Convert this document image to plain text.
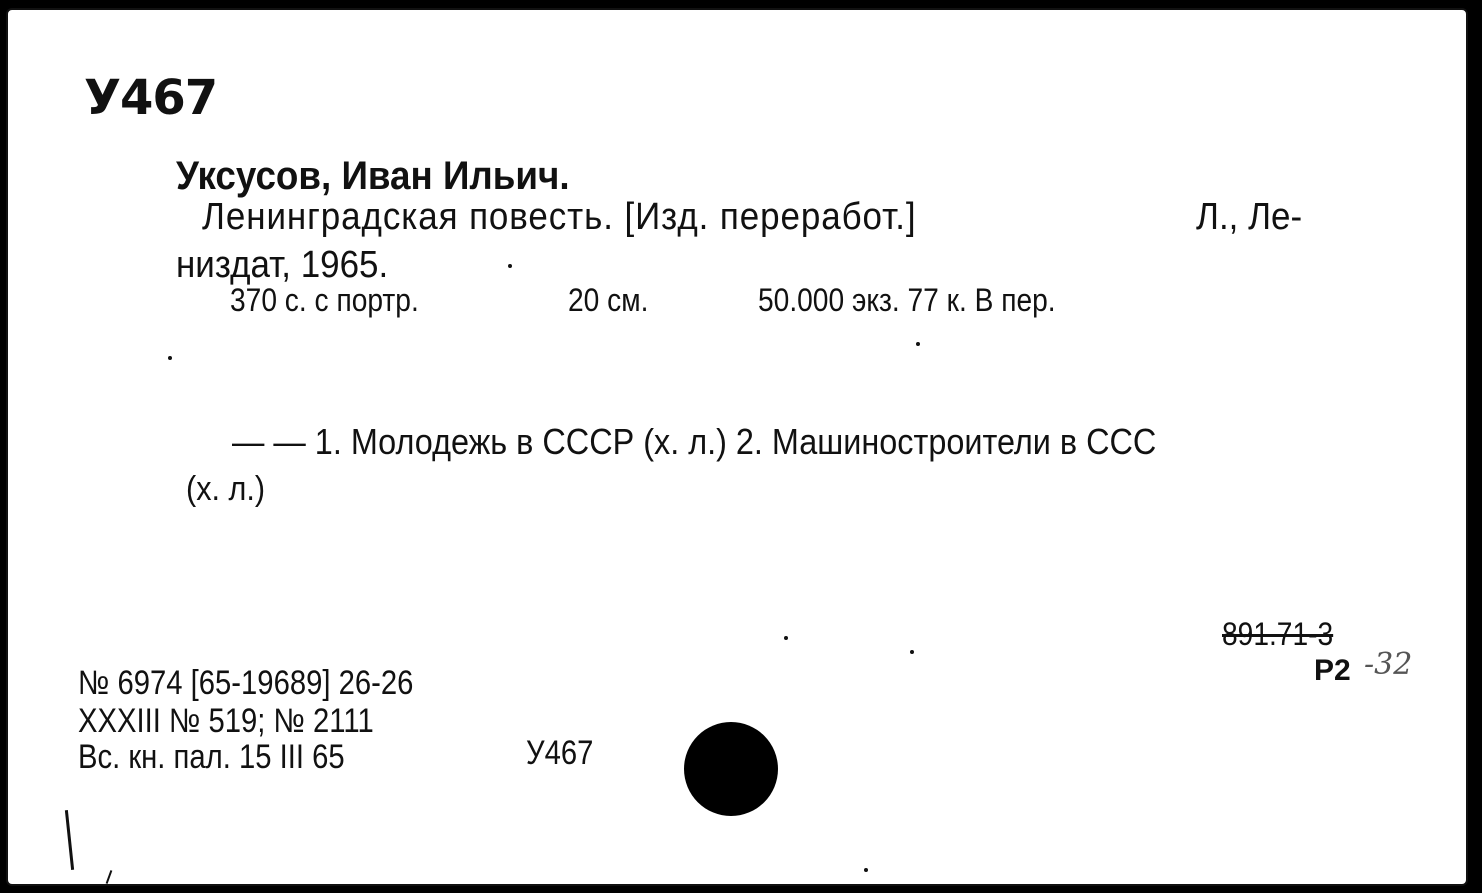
У467
Уксусов, Иван Ильич.
Ленинградская повесть. [Изд. переработ.]	Л., Ле-
низдат, 1965.
370 с. с портр.	20 см.	50.000 экз. 77 к. В пер.
— — 1. Молодежь в СССР (х. л.) 2. Машиностроители в ССС
(х. л.)
891.71-3
Р2 -32
№ 6974 [65-19689] 26-26
XXXIII № 519; № 2111
Вс. кн. пал. 15 III 65	У467
